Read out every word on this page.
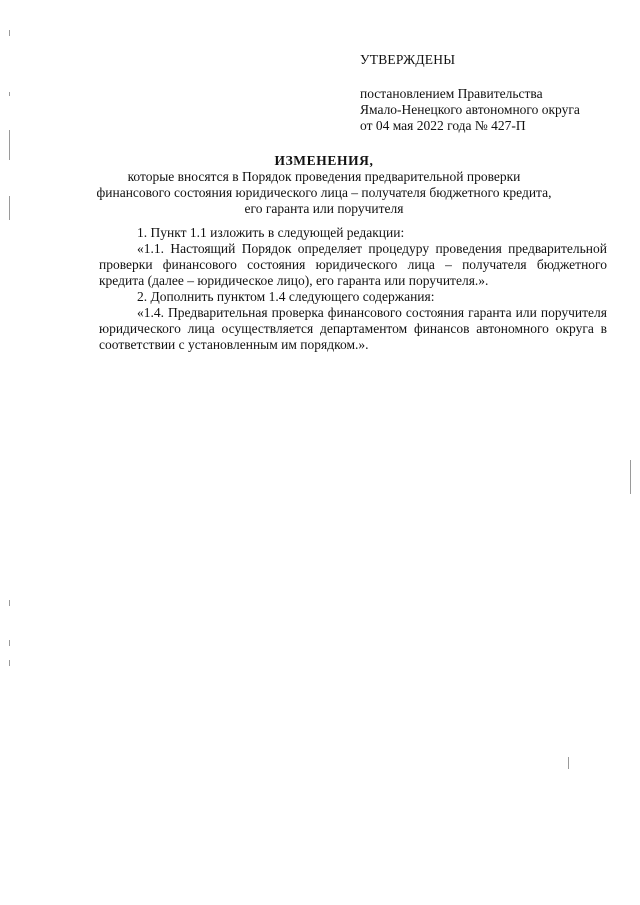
УТВЕРЖДЕНЫ
постановлением Правительства
Ямало-Ненецкого автономного округа
от 04 мая 2022 года № 427-П
ИЗМЕНЕНИЯ,
которые вносятся в Порядок проведения предварительной проверки
финансового состояния юридического лица – получателя бюджетного кредита,
его гаранта или поручителя

1. Пункт 1.1 изложить в следующей редакции:

«1.1. Настоящий Порядок определяет процедуру проведения предварительной проверки финансового состояния юридического лица – получателя бюджетного кредита (далее – юридическое лицо), его гаранта или поручителя.».

2. Дополнить пунктом 1.4 следующего содержания:

«1.4. Предварительная проверка финансового состояния гаранта или поручителя юридического лица осуществляется департаментом финансов автономного округа в соответствии с установленным им порядком.».
